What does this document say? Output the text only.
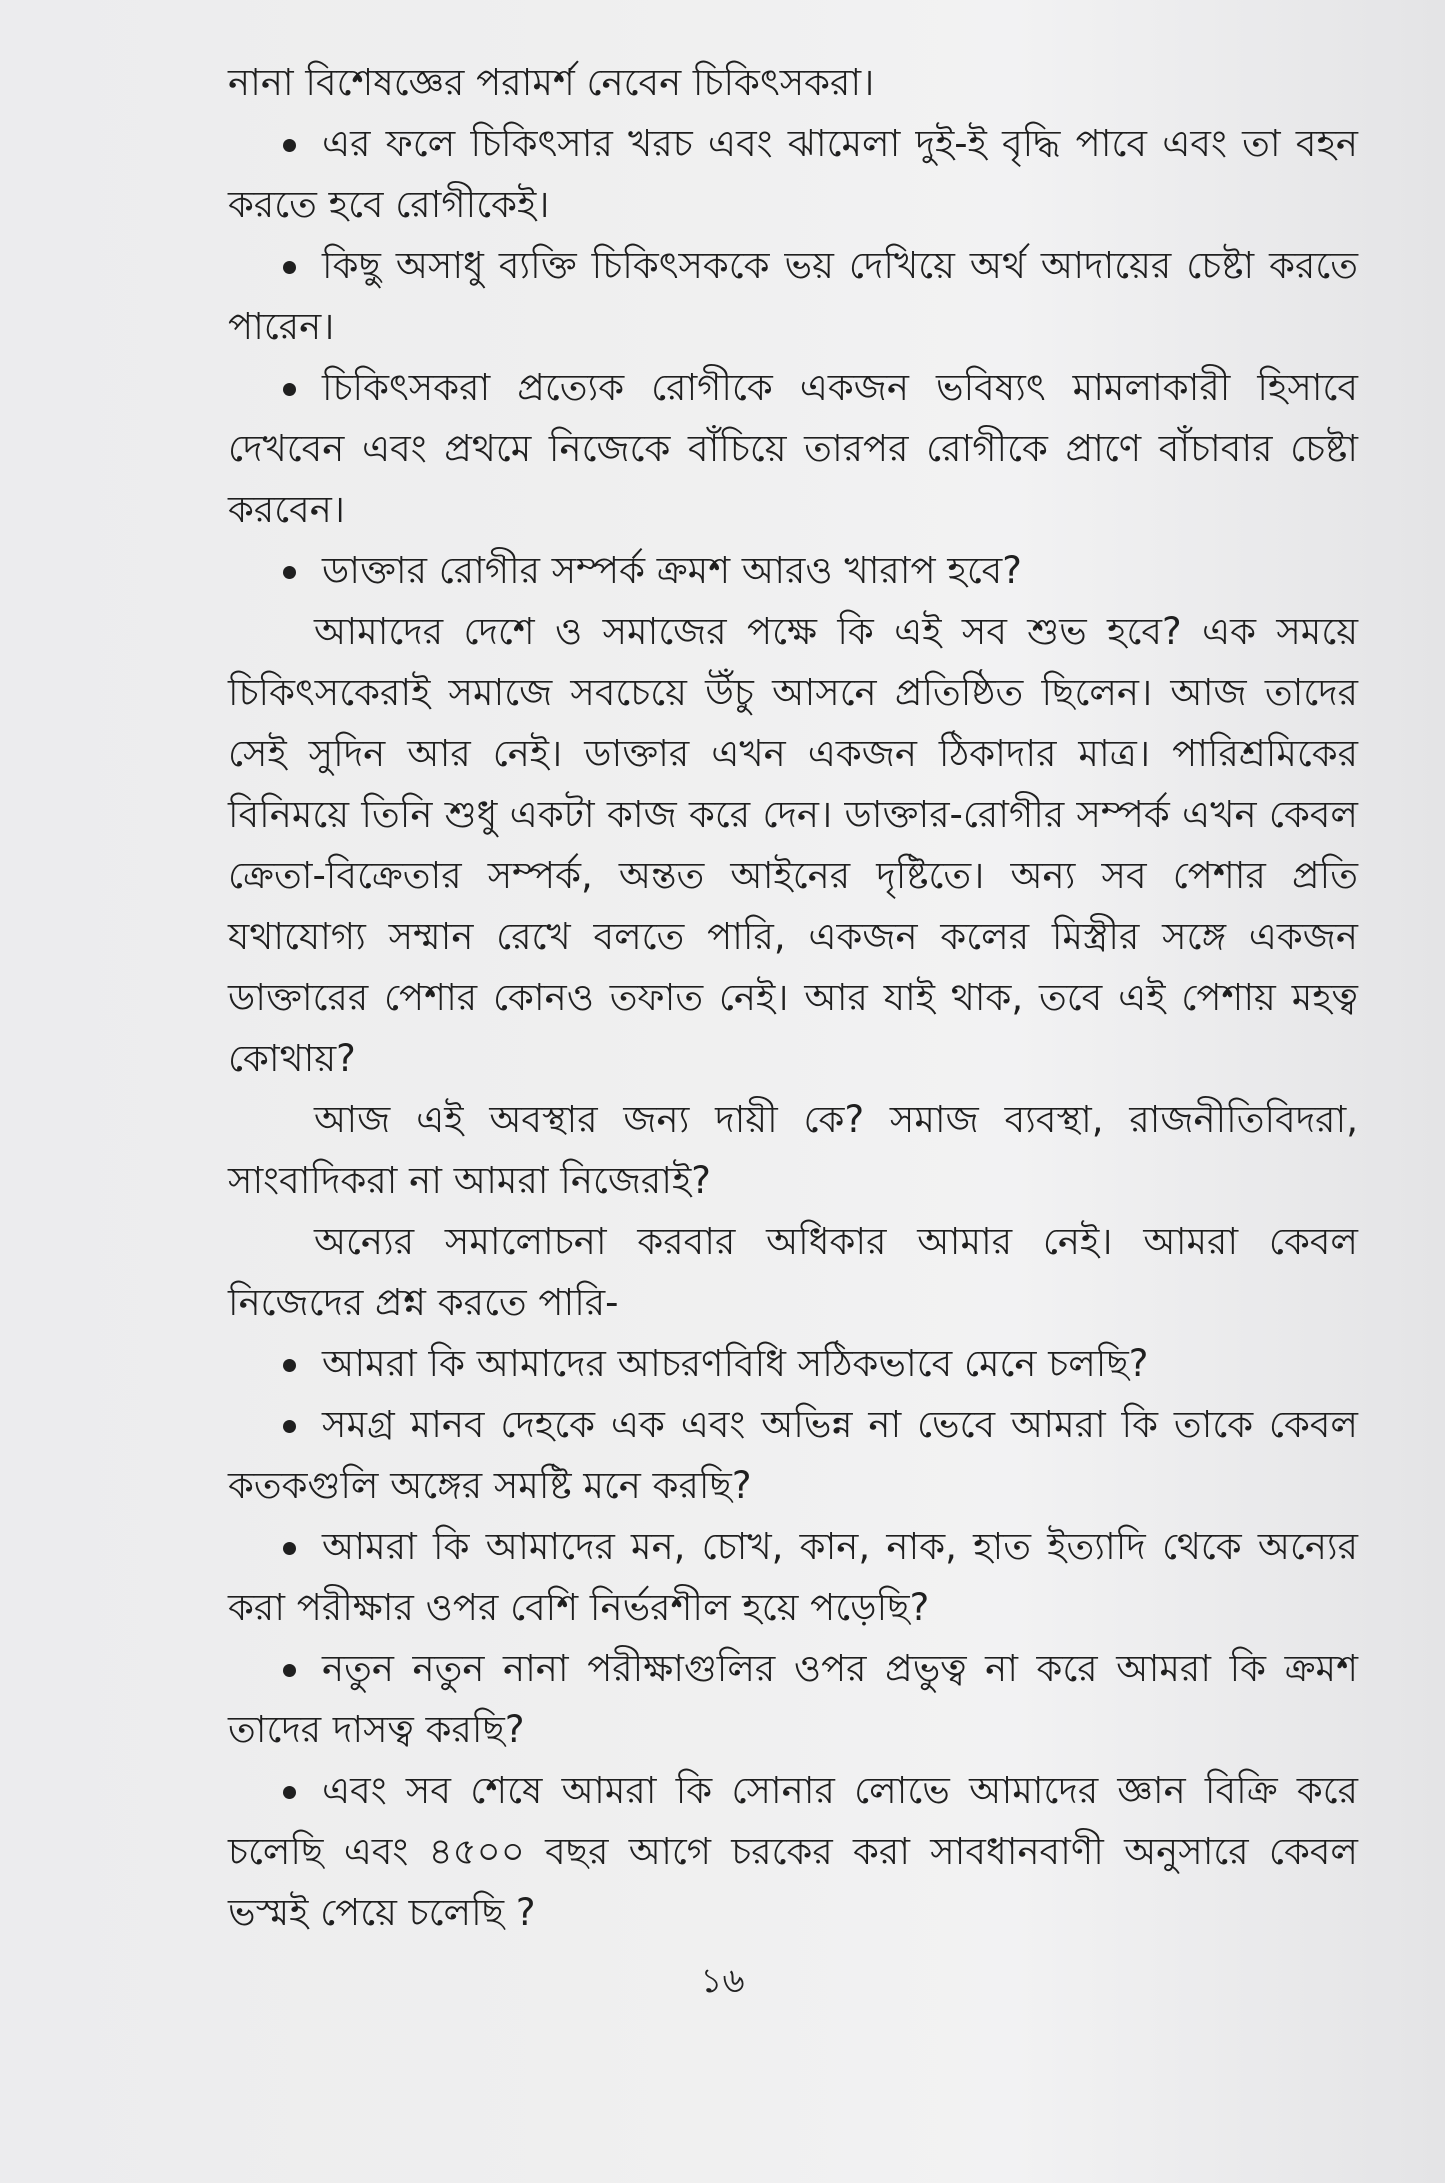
নানা বিশেষজ্ঞের পরামর্শ নেবেন চিকিৎসকরা।

এর ফলে চিকিৎসার খরচ এবং ঝামেলা দুই-ই বৃদ্ধি পাবে এবং তা বহন করতে হবে রোগীকেই।

কিছু অসাধু ব্যক্তি চিকিৎসককে ভয় দেখিয়ে অর্থ আদায়ের চেষ্টা করতে পারেন।

চিকিৎসকরা প্রত্যেক রোগীকে একজন ভবিষ্যৎ মামলাকারী হিসাবে দেখবেন এবং প্রথমে নিজেকে বাঁচিয়ে তারপর রোগীকে প্রাণে বাঁচাবার চেষ্টা করবেন।

ডাক্তার রোগীর সম্পর্ক ক্রমশ আরও খারাপ হবে?

আমাদের দেশে ও সমাজের পক্ষে কি এই সব শুভ হবে? এক সময়ে চিকিৎসকেরাই সমাজে সবচেয়ে উঁচু আসনে প্রতিষ্ঠিত ছিলেন। আজ তাদের সেই সুদিন আর নেই। ডাক্তার এখন একজন ঠিকাদার মাত্র। পারিশ্রমিকের বিনিময়ে তিনি শুধু একটা কাজ করে দেন। ডাক্তার-রোগীর সম্পর্ক এখন কেবল ক্রেতা-বিক্রেতার সম্পর্ক, অন্তত আইনের দৃষ্টিতে। অন্য সব পেশার প্রতি যথাযোগ্য সম্মান রেখে বলতে পারি, একজন কলের মিস্ত্রীর সঙ্গে একজন ডাক্তারের পেশার কোনও তফাত নেই। আর যাই থাক, তবে এই পেশায় মহত্ব কোথায়?

আজ এই অবস্থার জন্য দায়ী কে? সমাজ ব্যবস্থা, রাজনীতিবিদরা, সাংবাদিকরা না আমরা নিজেরাই?

অন্যের সমালোচনা করবার অধিকার আমার নেই। আমরা কেবল নিজেদের প্রশ্ন করতে পারি-

আমরা কি আমাদের আচরণবিধি সঠিকভাবে মেনে চলছি?

সমগ্র মানব দেহকে এক এবং অভিন্ন না ভেবে আমরা কি তাকে কেবল কতকগুলি অঙ্গের সমষ্টি মনে করছি?

আমরা কি আমাদের মন, চোখ, কান, নাক, হাত ইত্যাদি থেকে অন্যের করা পরীক্ষার ওপর বেশি নির্ভরশীল হয়ে পড়েছি?

নতুন নতুন নানা পরীক্ষাগুলির ওপর প্রভুত্ব না করে আমরা কি ক্রমশ তাদের দাসত্ব করছি?

এবং সব শেষে আমরা কি সোনার লোভে আমাদের জ্ঞান বিক্রি করে চলেছি এবং ৪৫০০ বছর আগে চরকের করা সাবধানবাণী অনুসারে কেবল ভস্মই পেয়ে চলেছি ?

১৬
